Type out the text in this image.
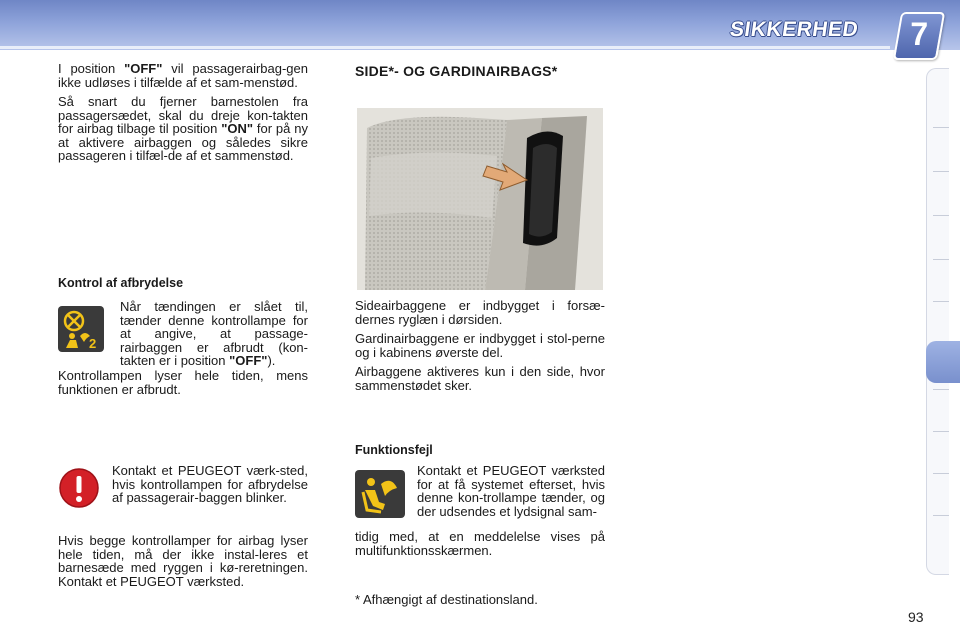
SIKKERHED	7

I position "OFF" vil passagerairbag-gen ikke udløses i tilfælde af et sam-menstød.

Så snart du fjerner barnestolen fra passagersædet, skal du dreje kon-takten for airbag tilbage til position "ON" for på ny at aktivere airbaggen og således sikre passageren i tilfæl-de af et sammenstød.

Kontrol af afbrydelse
2

Når tændingen er slået til, tænder denne kontrollampe for at angive, at passage-rairbaggen er afbrudt (kon-takten er i position "OFF").

Kontrollampen lyser hele tiden, mens funktionen er afbrudt.

Kontakt et PEUGEOT værk-sted, hvis kontrollampen for afbrydelse af passagerair-baggen blinker.

Hvis begge kontrollamper for airbag lyser hele tiden, må der ikke instal-leres et barnesæde med ryggen i kø-reretningen. Kontakt et PEUGEOT værksted.

SIDE*- OG GARDINAIRBAGS*

Sideairbaggene er indbygget i forsæ-dernes ryglæn i dørsiden.

Gardinairbaggene er indbygget i stol-perne og i kabinens øverste del.

Airbaggene aktiveres kun i den side, hvor sammenstødet sker.

Funktionsfejl

Kontakt et PEUGEOT værksted for at få systemet efterset, hvis denne kon-trollampe tænder, og der udsendes et lydsignal sam-

tidig med, at en meddelelse vises på multifunktionsskærmen.

* Afhængigt af destinationsland.
93
